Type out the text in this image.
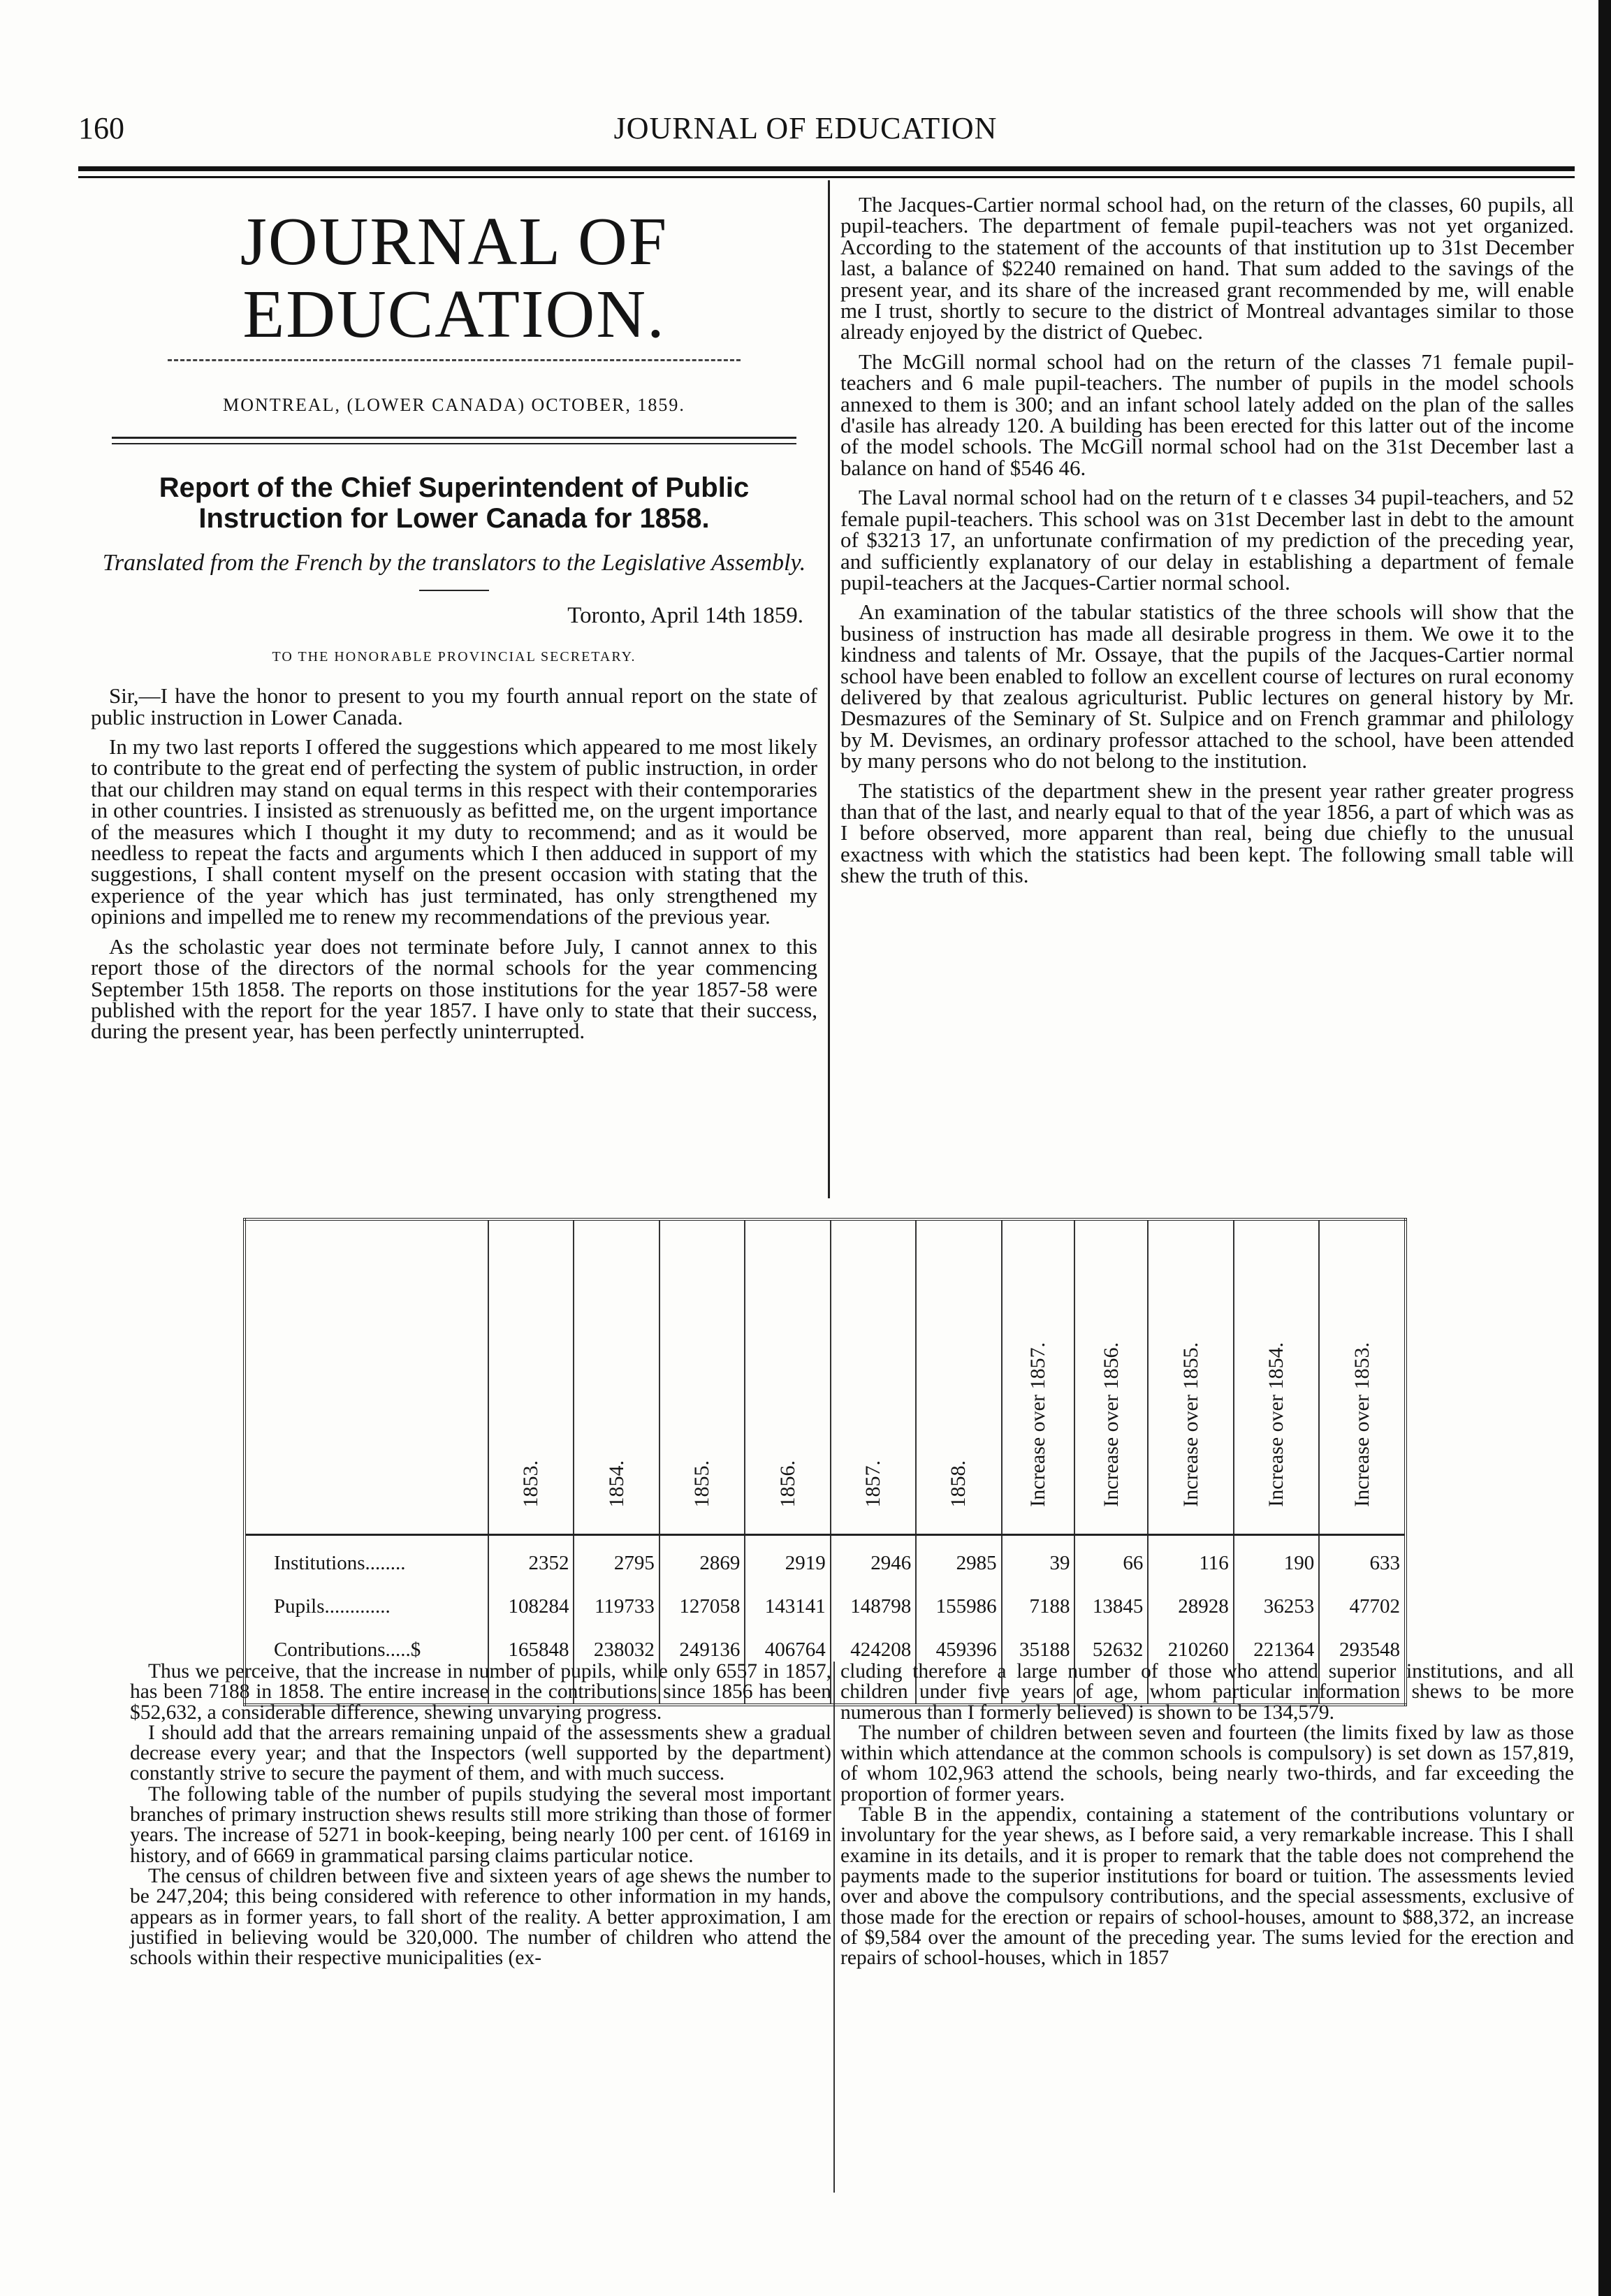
160	JOURNAL OF EDUCATION
JOURNAL OF EDUCATION.
MONTREAL, (LOWER CANADA) OCTOBER, 1859.
Report of the Chief Superintendent of Public
Instruction for Lower Canada for 1858.
Translated from the French by the translators to the Legislative Assembly.
Toronto, April 14th 1859.
TO THE HONORABLE PROVINCIAL SECRETARY.

Sir,—I have the honor to present to you my fourth annual report on the state of public instruction in Lower Canada.

In my two last reports I offered the suggestions which appeared to me most likely to contribute to the great end of perfecting the system of public instruction, in order that our children may stand on equal terms in this respect with their contemporaries in other countries. I insisted as strenuously as befitted me, on the urgent importance of the measures which I thought it my duty to recommend; and as it would be needless to repeat the facts and arguments which I then adduced in support of my suggestions, I shall content myself on the present occasion with stating that the experience of the year which has just terminated, has only strengthened my opinions and impelled me to renew my recommendations of the previous year.

As the scholastic year does not terminate before July, I cannot annex to this report those of the directors of the normal schools for the year commencing September 15th 1858. The reports on those institutions for the year 1857-58 were published with the report for the year 1857. I have only to state that their success, during the present year, has been perfectly uninterrupted.

The Jacques-Cartier normal school had, on the return of the classes, 60 pupils, all pupil-teachers. The department of female pupil-teachers was not yet organized. According to the statement of the accounts of that institution up to 31st December last, a balance of $2240 remained on hand. That sum added to the savings of the present year, and its share of the increased grant recommended by me, will enable me I trust, shortly to secure to the district of Montreal advantages similar to those already enjoyed by the district of Quebec.

The McGill normal school had on the return of the classes 71 female pupil-teachers and 6 male pupil-teachers. The number of pupils in the model schools annexed to them is 300; and an infant school lately added on the plan of the salles d'asile has already 120. A building has been erected for this latter out of the income of the model schools. The McGill normal school had on the 31st December last a balance on hand of $546 46.

The Laval normal school had on the return of t e classes 34 pupil-teachers, and 52 female pupil-teachers. This school was on 31st December last in debt to the amount of $3213 17, an unfortunate confirmation of my prediction of the preceding year, and sufficiently explanatory of our delay in establishing a department of female pupil-teachers at the Jacques-Cartier normal school.

An examination of the tabular statistics of the three schools will show that the business of instruction has made all desirable progress in them. We owe it to the kindness and talents of Mr. Ossaye, that the pupils of the Jacques-Cartier normal school have been enabled to follow an excellent course of lectures on rural economy delivered by that zealous agriculturist. Public lectures on general history by Mr. Desmazures of the Seminary of St. Sulpice and on French grammar and philology by M. Devismes, an ordinary professor attached to the school, have been attended by many persons who do not belong to the institution.

The statistics of the department shew in the present year rather greater progress than that of the last, and nearly equal to that of the year 1856, a part of which was as I before observed, more apparent than real, being due chiefly to the unusual exactness with which the statistics had been kept. The following small table will shew the truth of this.

	1853.	1854.	1855.	1856.	1857.	1858.	Increase over 1857.	Increase over 1856.	Increase over 1855.	Increase over 1854.	Increase over 1853.
Institutions........	2352	2795	2869	2919	2946	2985	39	66	116	190	633
Pupils.............	108284	119733	127058	143141	148798	155986	7188	13845	28928	36253	47702
Contributions.....$	165848	238032	249136	406764	424208	459396	35188	52632	210260	221364	293548

Thus we perceive, that the increase in number of pupils, while only 6557 in 1857, has been 7188 in 1858. The entire increase in the contributions since 1856 has been $52,632, a considerable difference, shewing unvarying progress.

I should add that the arrears remaining unpaid of the assessments shew a gradual decrease every year; and that the Inspectors (well supported by the department) constantly strive to secure the payment of them, and with much success.

The following table of the number of pupils studying the several most important branches of primary instruction shews results still more striking than those of former years. The increase of 5271 in book-keeping, being nearly 100 per cent. of 16169 in history, and of 6669 in grammatical parsing claims particular notice.

The census of children between five and sixteen years of age shews the number to be 247,204; this being considered with reference to other information in my hands, appears as in former years, to fall short of the reality. A better approximation, I am justified in believing would be 320,000. The number of children who attend the schools within their respective municipalities (ex-

cluding therefore a large number of those who attend superior institutions, and all children under five years of age, whom particular information shews to be more numerous than I formerly believed) is shown to be 134,579.

The number of children between seven and fourteen (the limits fixed by law as those within which attendance at the common schools is compulsory) is set down as 157,819, of whom 102,963 attend the schools, being nearly two-thirds, and far exceeding the proportion of former years.

Table B in the appendix, containing a statement of the contributions voluntary or involuntary for the year shews, as I before said, a very remarkable increase. This I shall examine in its details, and it is proper to remark that the table does not comprehend the payments made to the superior institutions for board or tuition. The assessments levied over and above the compulsory contributions, and the special assessments, exclusive of those made for the erection or repairs of school-houses, amount to $88,372, an increase of $9,584 over the amount of the preceding year. The sums levied for the erection and repairs of school-houses, which in 1857
